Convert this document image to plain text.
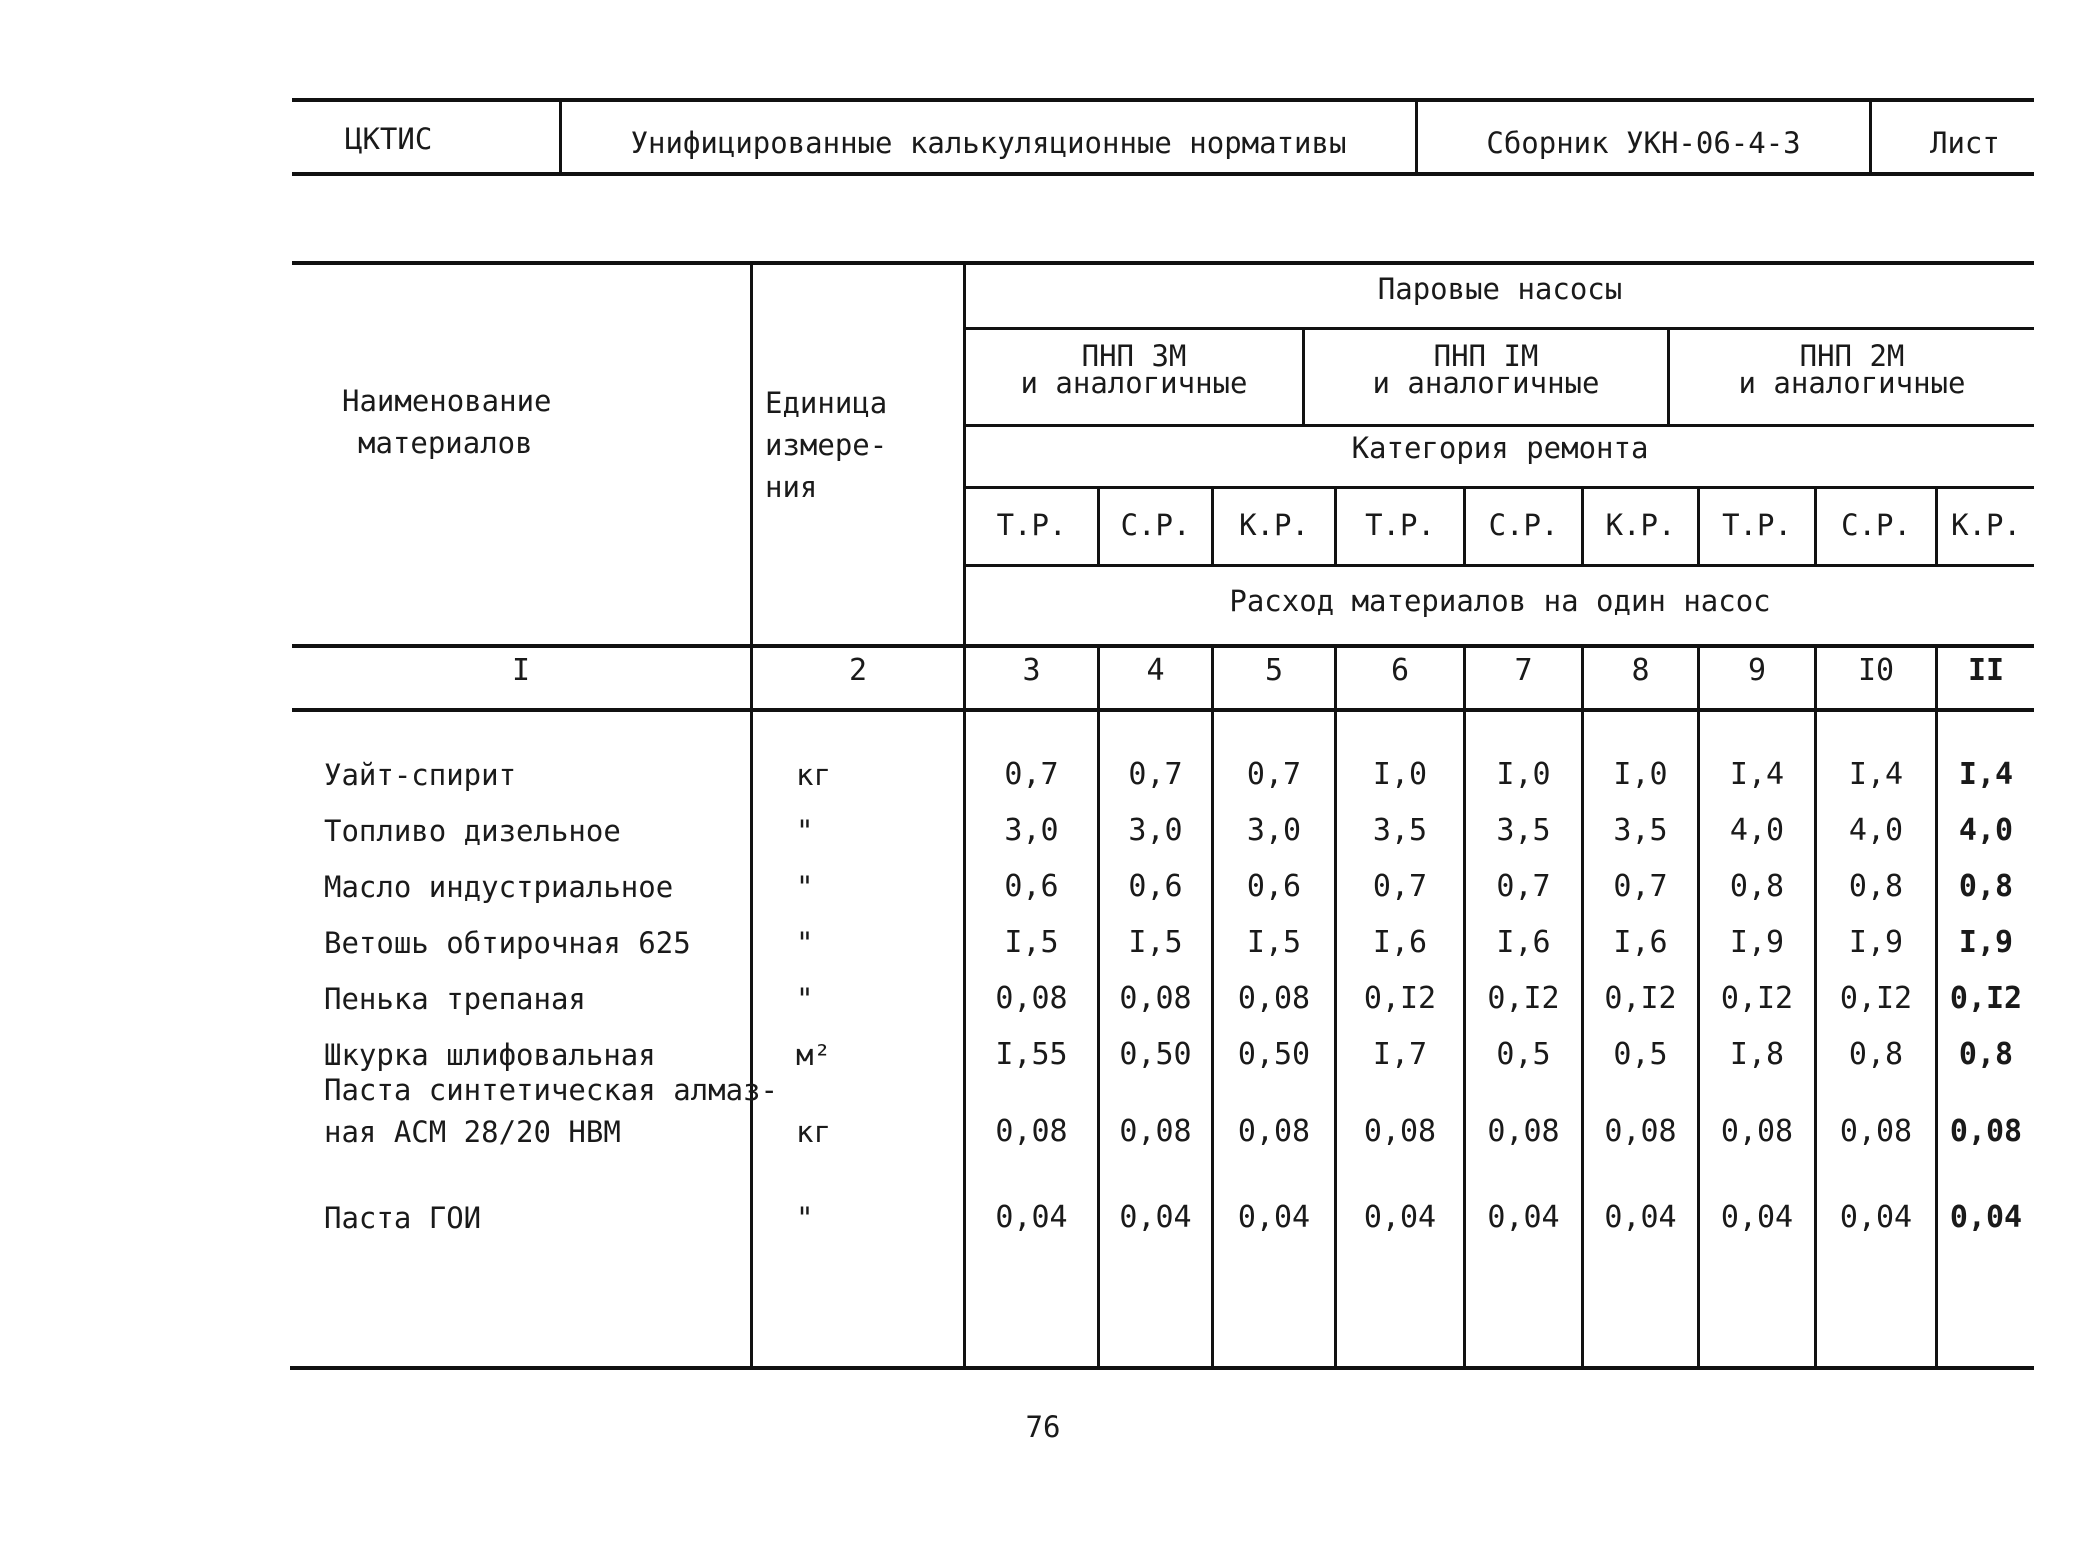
ЦКТИС	Унифицированные калькуляционные нормативы	Сборник УКН-06-4-3	Лист
Наименование
материалов
Единица
измере-
ния
Паровые насосы
ПНП 3М
и аналогичные
ПНП IМ
и аналогичные
ПНП 2М
и аналогичные
Категория ремонта
Т.Р.	С.Р.	К.Р.	Т.Р.	С.Р.	К.Р.	Т.Р.	С.Р.	К.Р.
Расход материалов на один насос
I	2	3	4	5	6	7	8	9	I0	II
Уайт-спирит	кг	0,7	0,7	0,7	I,0	I,0	I,0	I,4	I,4	I,4
Топливо дизельное	"	3,0	3,0	3,0	3,5	3,5	3,5	4,0	4,0	4,0
Масло индустриальное	"	0,6	0,6	0,6	0,7	0,7	0,7	0,8	0,8	0,8
Ветошь обтирочная 625	"	I,5	I,5	I,5	I,6	I,6	I,6	I,9	I,9	I,9
Пенька трепаная	"	0,08	0,08	0,08	0,I2	0,I2	0,I2	0,I2	0,I2	0,I2
Шкурка шлифовальная	м²	I,55	0,50	0,50	I,7	0,5	0,5	I,8	0,8	0,8
Паста синтетическая алмаз-
ная АСМ 28/20 НВМ	кг	0,08	0,08	0,08	0,08	0,08	0,08	0,08	0,08	0,08
Паста ГОИ	"	0,04	0,04	0,04	0,04	0,04	0,04	0,04	0,04	0,04
76
